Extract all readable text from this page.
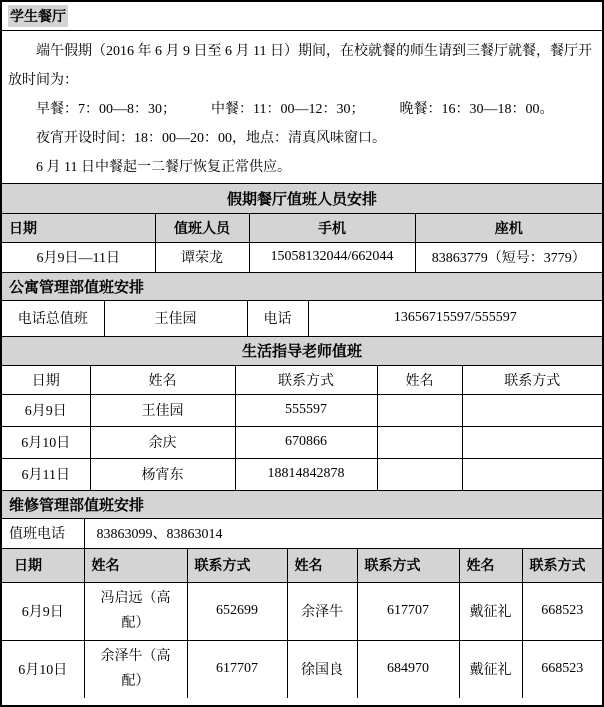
学生餐厅
端午假期（2016 年 6 月 9 日至 6 月 11 日）期间，在校就餐的师生请到三餐厅就餐，餐厅开
放时间为：
早餐：7：00—8：30；　　　中餐：11：00—12：30；　　　晚餐：16：30—18：00。
夜宵开设时间：18：00—20：00，地点：清真风味窗口。
6 月 11 日中餐起一二餐厅恢复正常供应。
假期餐厅值班人员安排			
日期	值班人员	手机	座机
6月9日—11日	谭荣龙	15058132044/662044	83863779（短号：3779）
公寓管理部值班安排
电话总值班	王佳园	电话	13656715597/555597
生活指导老师值班				
日期	姓名	联系方式	姓名	联系方式
6月9日	王佳园	555597		
6月10日	余庆	670866		
6月11日	杨宵东	18814842878		
维修管理部值班安排						
值班电话	83863099、83863014					
日期	姓名	联系方式	姓名	联系方式	姓名	联系方式
6月9日	冯启远（高配）	652699	余泽牛	617707	戴征礼	668523
6月10日	余泽牛（高配）	617707	徐国良	684970	戴征礼	668523
